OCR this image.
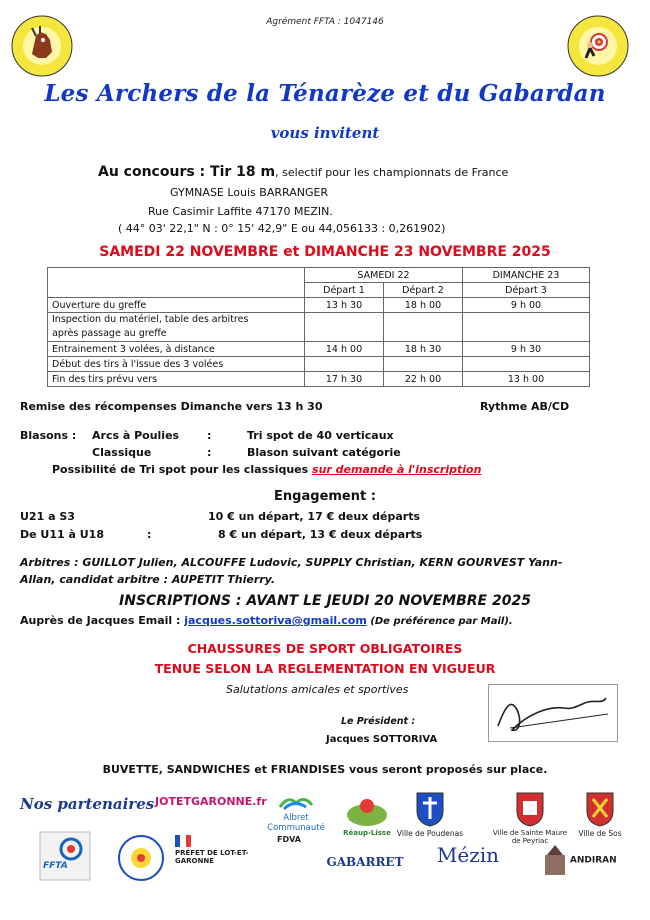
Agrément FFTA : 1047146
Les Archers de la Ténarèze et du Gabardan
vous invitent
Au concours : Tir 18 m, selectif pour les championnats de France
GYMNASE Louis BARRANGER
Rue Casimir Laffite 47170 MEZIN.
( 44° 03' 22,1" N : 0° 15' 42,9" E ou 44,056133 : 0,261902)
SAMEDI 22 NOVEMBRE et DIMANCHE 23 NOVEMBRE 2025
	SAMEDI 22		DIMANCHE 23
	Départ 1	Départ 2	Départ 3
Ouverture du greffe	13 h 30	18 h 00	9 h 00
Inspection du matériel, table des arbitres
après passage au greffe			
Entrainement 3 volées, à distance	14 h 00	18 h 30	9 h 30
Début des tirs à l'issue des 3 volées			
Fin des tirs prévu vers	17 h 30	22 h 00	13 h 00
Remise des récompenses Dimanche vers 13 h 30	Rythme AB/CD
Blasons : Arcs à Poulies	:	Tri spot de 40 verticaux
Classique	:	Blason suivant catégorie
Possibilité de Tri spot pour les classiques sur demande à l'inscription
Engagement :
U21 a S3	10 € un départ, 17 € deux départs
De U11 à U18	:	8 € un départ, 13 € deux départs
Arbitres : GUILLOT Julien, ALCOUFFE Ludovic, SUPPLY Christian, KERN GOURVEST Yann-
Allan, candidat arbitre : AUPETIT Thierry.
INSCRIPTIONS : AVANT LE JEUDI 20 NOVEMBRE 2025
Auprès de Jacques Email : jacques.sottoriva@gmail.com (De préférence par Mail).
CHAUSSURES DE SPORT OBLIGATOIRES
TENUE SELON LA REGLEMENTATION EN VIGUEUR
Salutations amicales et sportives
Le Président :
Jacques SOTTORIVA
BUVETTE, SANDWICHES et FRIANDISES vous seront proposés sur place.
Nos partenaires JOTETGARONNE.fr
Albret Communauté	Réaup-Lisse Ville de Poudenas	Ville de Sainte Maure de Peyriac
Ville de Sos
FFTA
PRÉFET DE LOT-ET-GARONNE
FDVA
GABARRET	Mézin	ANDIRAN
